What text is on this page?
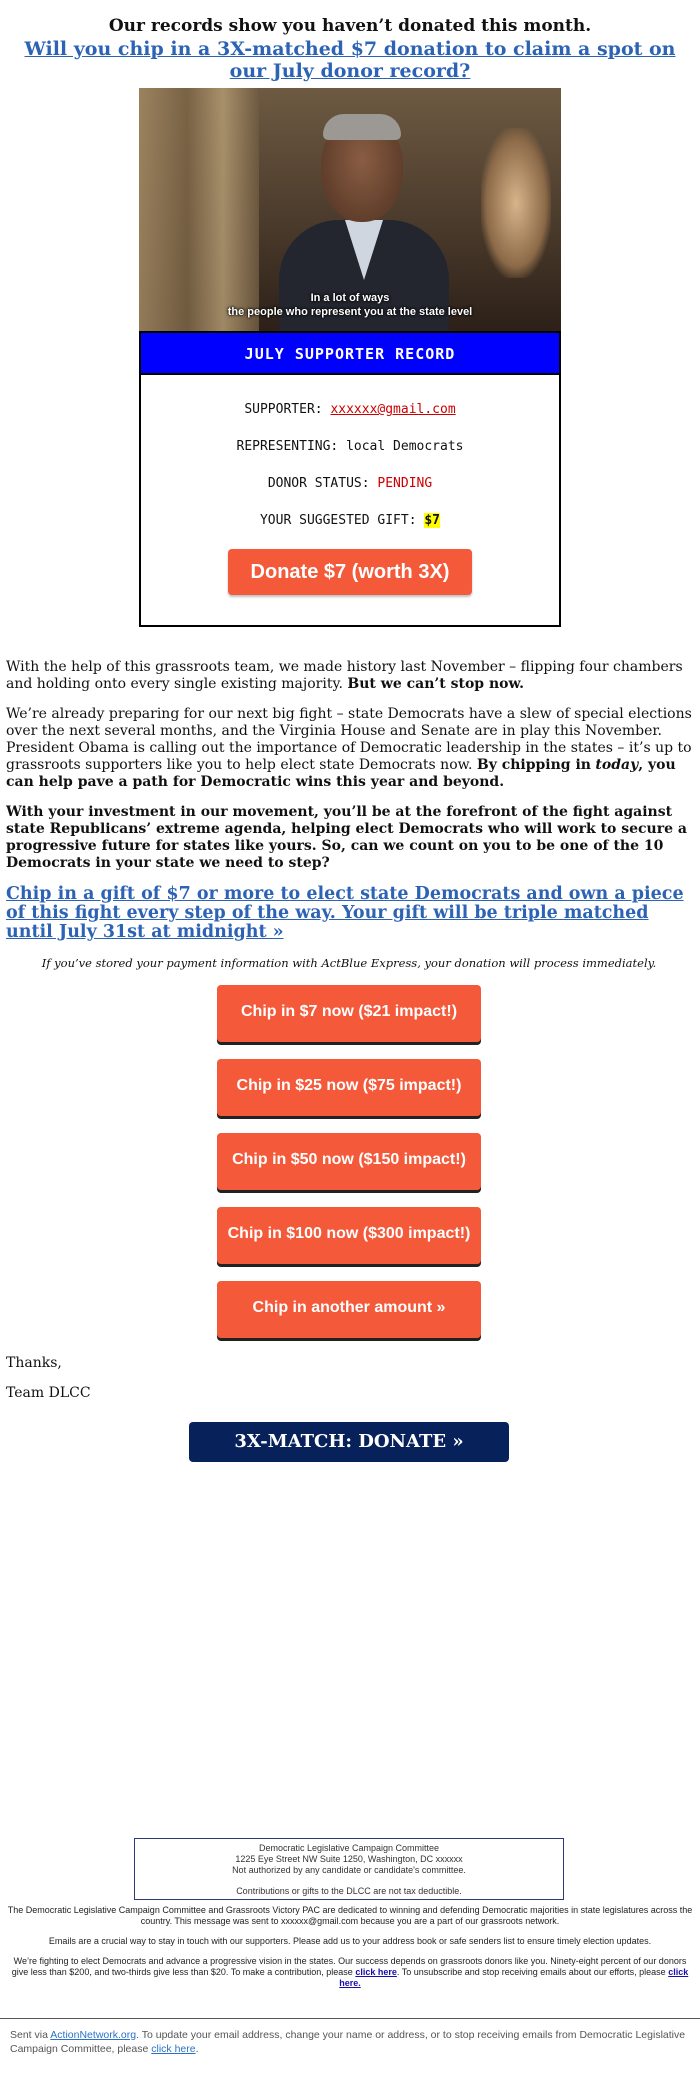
Our records show you haven’t donated this month.

Will you chip in a 3X-matched $7 donation to claim a spot on our July donor record?

In a lot of ways
the people who represent you at the state level
JULY SUPPORTER RECORD
SUPPORTER: xxxxxx@gmail.com
REPRESENTING: local Democrats
DONOR STATUS: PENDING
YOUR SUGGESTED GIFT: $7
Donate $7 (worth 3X) now »

With the help of this grassroots team, we made history last November – flipping four chambers and holding onto every single existing majority. But we can’t stop now.

We’re already preparing for our next big fight – state Democrats have a slew of special elections over the next several months, and the Virginia House and Senate are in play this November. President Obama is calling out the importance of Democratic leadership in the states – it’s up to grassroots supporters like you to help elect state Democrats now. By chipping in today, you can help pave a path for Democratic wins this year and beyond.

With your investment in our movement, you’ll be at the forefront of the fight against state Republicans’ extreme agenda, helping elect Democrats who will work to secure a progressive future for states like yours. So, can we count on you to be one of the 10 Democrats in your state we need to step?

Chip in a gift of $7 or more to elect state Democrats and own a piece of this fight every step of the way. Your gift will be triple matched until July 31st at midnight »

If you’ve stored your payment information with ActBlue Express, your donation will process immediately.

Chip in $7 now ($21 impact!)
Chip in $25 now ($75 impact!)
Chip in $50 now ($150 impact!)
Chip in $100 now ($300 impact!)
Chip in another amount »

Thanks,

Team DLCC

3X-MATCH: DONATE »
Democratic Legislative Campaign Committee
1225 Eye Street NW Suite 1250, Washington, DC xxxxxx
Not authorized by any candidate or candidate's committee.
Contributions or gifts to the DLCC are not tax deductible.

The Democratic Legislative Campaign Committee and Grassroots Victory PAC are dedicated to winning and defending Democratic majorities in state legislatures across the country. This message was sent to xxxxxx@gmail.com because you are a part of our grassroots network.

Emails are a crucial way to stay in touch with our supporters. Please add us to your address book or safe senders list to ensure timely election updates.

We’re fighting to elect Democrats and advance a progressive vision in the states. Our success depends on grassroots donors like you. Ninety-eight percent of our donors give less than $200, and two-thirds give less than $20. To make a contribution, please click here. To unsubscribe and stop receiving emails about our efforts, please click here.

Sent via ActionNetwork.org. To update your email address, change your name or address, or to stop receiving emails from Democratic Legislative Campaign Committee, please click here.
